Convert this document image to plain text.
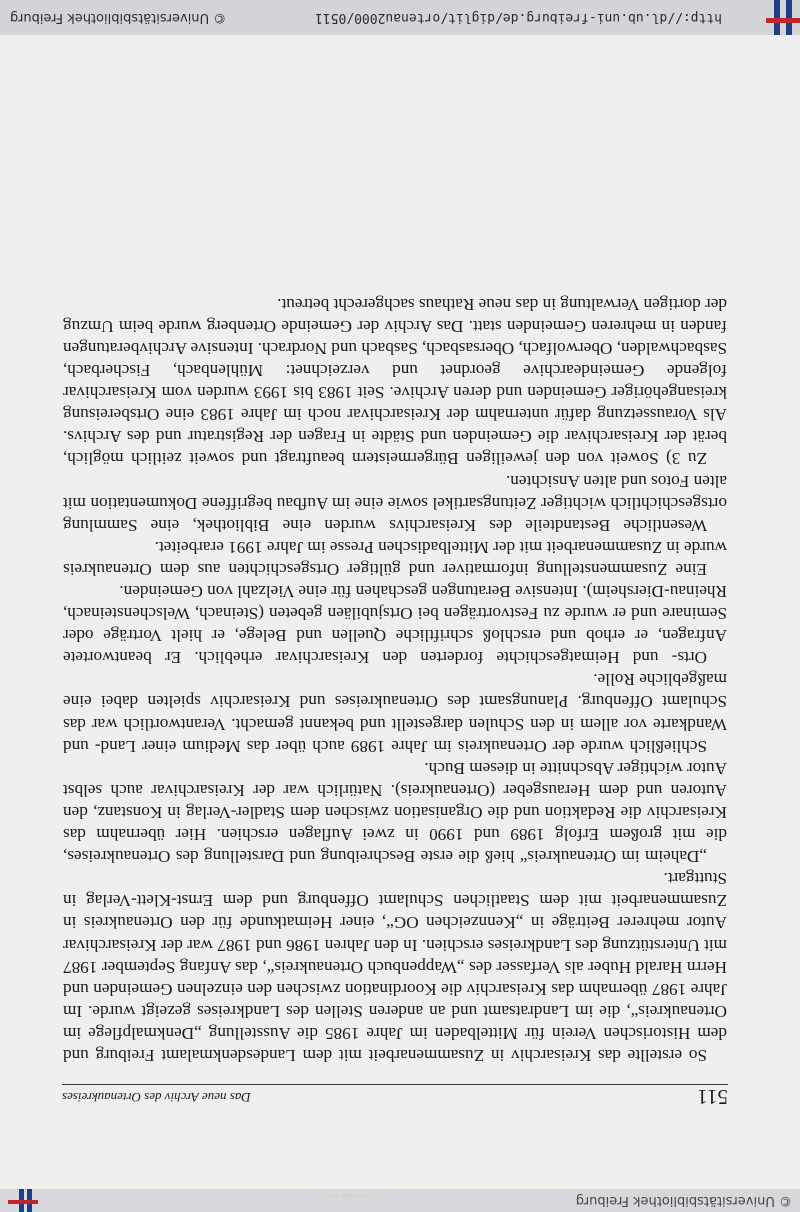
© Universitätsbibliothek Freiburg
~ ~~ ~
511
Das neue Archiv des Ortenaukreises

So erstellte das Kreisarchiv in Zusammenarbeit mit dem Landesdenkmalamt Freiburg und dem Historischen Verein für Mittelbaden im Jahre 1985 die Ausstellung „Denkmalpflege im Ortenaukreis“, die im Landratsamt und an anderen Stellen des Landkreises gezeigt wurde. Im Jahre 1987 übernahm das Kreisarchiv die Koordination zwischen den einzelnen Gemeinden und Herrn Harald Huber als Verfasser des „Wappenbuch Ortenaukreis“, das Anfang September 1987 mit Unterstützung des Landkreises erschien. In den Jahren 1986 und 1987 war der Kreisarchivar Autor mehrerer Beiträge in „Kennzeichen OG“, einer Heimatkunde für den Ortenaukreis in Zusammenarbeit mit dem Staatlichen Schulamt Offenburg und dem Ernst-Klett-Verlag in Stuttgart.

„Daheim im Ortenaukreis“ hieß die erste Beschreibung und Darstellung des Ortenaukreises, die mit großem Erfolg 1989 und 1990 in zwei Auflagen erschien. Hier übernahm das Kreisarchiv die Redaktion und die Organisation zwischen dem Stadler-Verlag in Konstanz, den Autoren und dem Herausgeber (Ortenaukreis). Natürlich war der Kreisarchivar auch selbst Autor wichtiger Abschnitte in diesem Buch.

Schließlich wurde der Ortenaukreis im Jahre 1989 auch über das Medium einer Land- und Wandkarte vor allem in den Schulen dargestellt und bekannt gemacht. Verantwortlich war das Schulamt Offenburg. Planungsamt des Ortenaukreises und Kreisarchiv spielten dabei eine maßgebliche Rolle.

Orts- und Heimatgeschichte forderten den Kreisarchivar erheblich. Er beantwortete Anfragen, er erhob und erschloß schriftliche Quellen und Belege, er hielt Vorträge oder Seminare und er wurde zu Festvorträgen bei Ortsjubiläen gebeten (Steinach, Welschensteinach, Rheinau-Diersheim). Intensive Beratungen geschahen für eine Vielzahl von Gemeinden.

Eine Zusammenstellung informativer und gültiger Ortsgeschichten aus dem Ortenaukreis wurde in Zusammenarbeit mit der Mittelbadischen Presse im Jahre 1991 erarbeitet.

Wesentliche Bestandteile des Kreisarchivs wurden eine Bibliothek, eine Sammlung ortsgeschichtlich wichtiger Zeitungsartikel sowie eine im Aufbau begriffene Dokumentation mit alten Fotos und alten Ansichten.

Zu 3) Soweit von den jeweiligen Bürgermeistern beauftragt und soweit zeitlich möglich, berät der Kreisarchivar die Gemeinden und Städte in Fragen der Registratur und des Archivs. Als Voraussetzung dafür unternahm der Kreisarchivar noch im Jahre 1983 eine Ortsbereisung kreisangehöriger Gemeinden und deren Archive. Seit 1983 bis 1993 wurden vom Kreisarchivar folgende Gemeindearchive geordnet und verzeichnet: Mühlenbach, Fischerbach, Sasbachwalden, Oberwolfach, Obersasbach, Sasbach und Nordrach. Intensive Archivberatungen fanden in mehreren Gemeinden statt. Das Archiv der Gemeinde Ortenberg wurde beim Umzug der dortigen Verwaltung in das neue Rathaus sachgerecht betreut.

http://dl.ub.uni-freiburg.de/diglit/ortenau2000/0511
© Universitätsbibliothek Freiburg
